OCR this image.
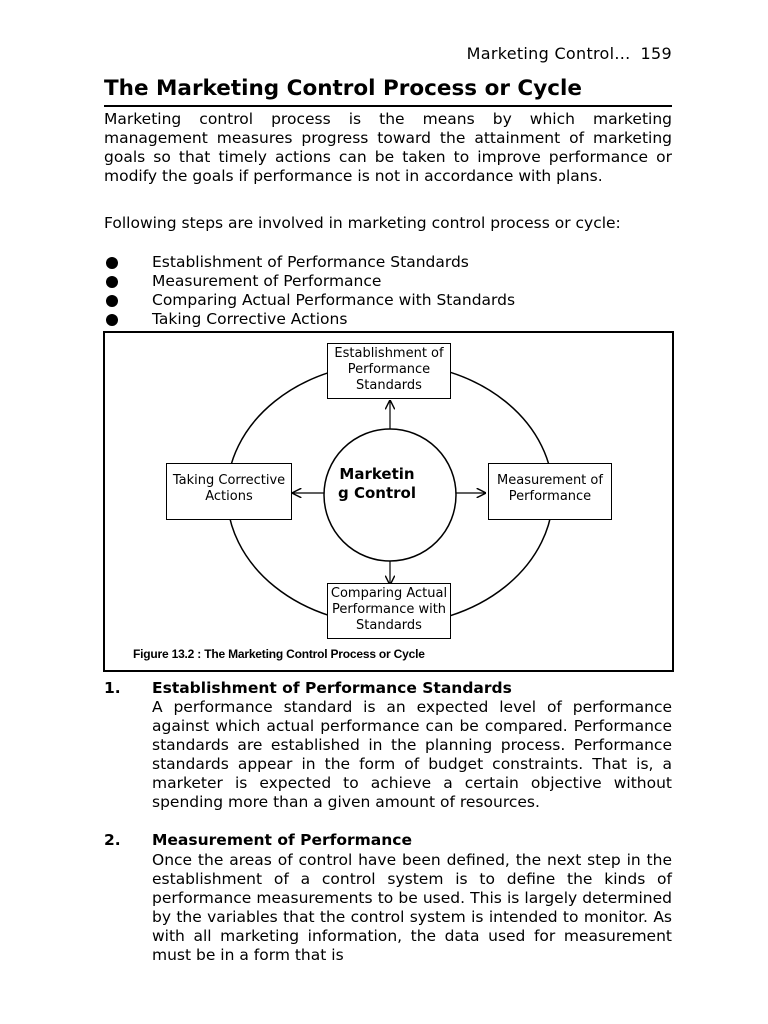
Marketing Control... 159
The Marketing Control Process or Cycle
Marketing control process is the means by which marketing management measures progress toward the attainment of marketing goals so that timely actions can be taken to improve performance or modify the goals if performance is not in accordance with plans.
Following steps are involved in marketing control process or cycle:
Establishment of Performance Standards
Measurement of Performance
Comparing Actual Performance with Standards
Taking Corrective Actions
Marketing Control
Establishment of Performance Standards
Measurement of Performance
Taking Corrective Actions
Comparing Actual Performance with Standards
Figure 13.2 : The Marketing Control Process or Cycle
1. Establishment of Performance Standards
A performance standard is an expected level of performance against which actual performance can be compared. Performance standards are established in the planning process. Performance standards appear in the form of budget constraints. That is, a marketer is expected to achieve a certain objective without spending more than a given amount of resources.
2. Measurement of Performance
Once the areas of control have been defined, the next step in the establishment of a control system is to define the kinds of performance measurements to be used. This is largely determined by the variables that the control system is intended to monitor. As with all marketing information, the data used for measurement must be in a form that is
